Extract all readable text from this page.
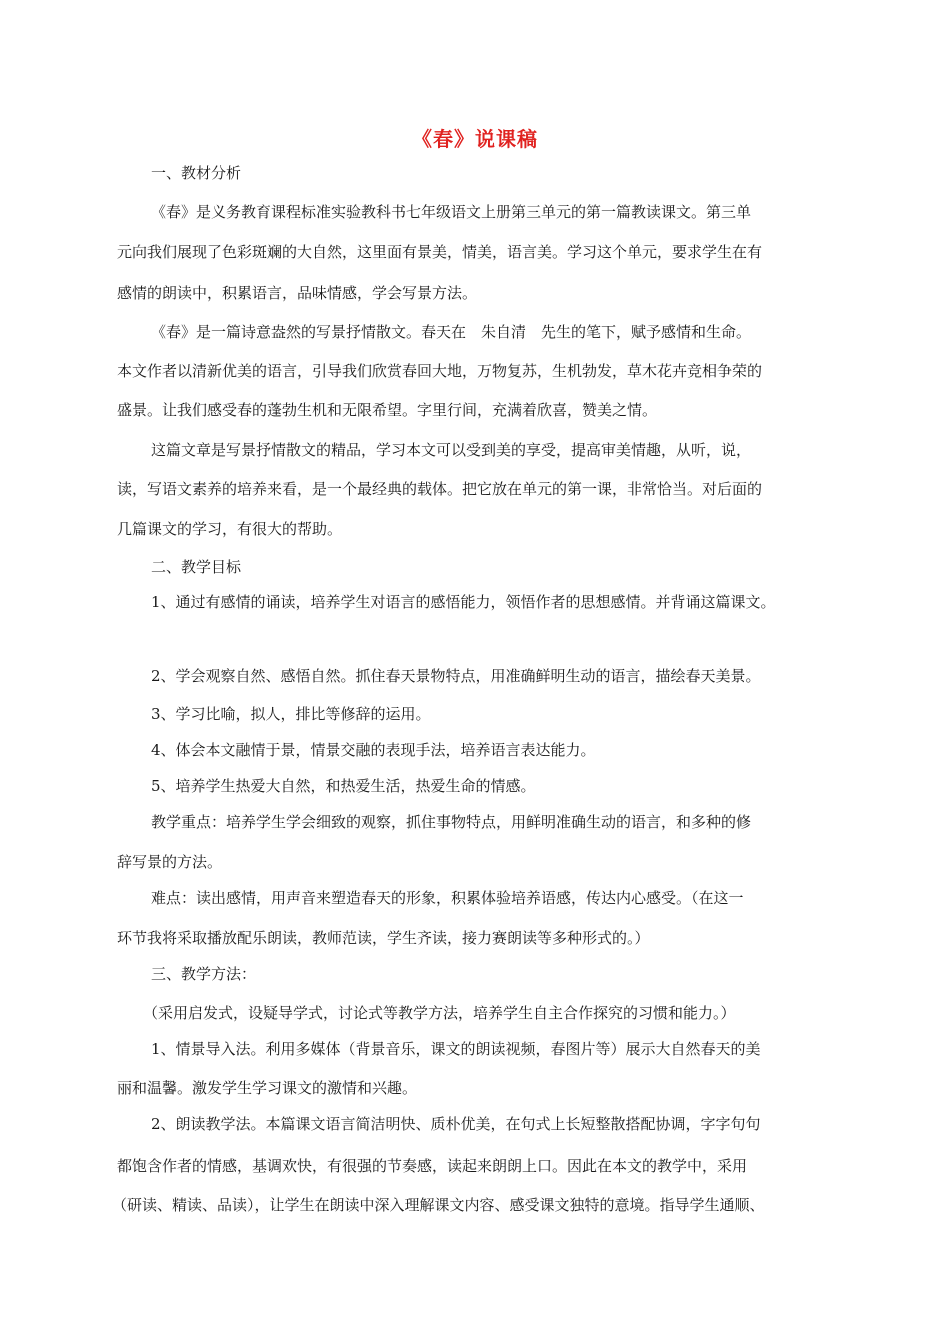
《春》说课稿
一、教材分析
《春》是义务教育课程标准实验教科书七年级语文上册第三单元的第一篇教读课文。第三单
元向我们展现了色彩斑斓的大自然，这里面有景美，情美，语言美。学习这个单元，要求学生在有
感情的朗读中，积累语言，品味情感，学会写景方法。
《春》是一篇诗意盎然的写景抒情散文。春天在　朱自清　先生的笔下，赋予感情和生命。
本文作者以清新优美的语言，引导我们欣赏春回大地，万物复苏，生机勃发，草木花卉竞相争荣的
盛景。让我们感受春的蓬勃生机和无限希望。字里行间，充满着欣喜，赞美之情。
这篇文章是写景抒情散文的精品，学习本文可以受到美的享受，提高审美情趣，从听，说，
读，写语文素养的培养来看，是一个最经典的载体。把它放在单元的第一课，非常恰当。对后面的
几篇课文的学习，有很大的帮助。
二、教学目标
1、通过有感情的诵读，培养学生对语言的感悟能力，领悟作者的思想感情。并背诵这篇课文。
2、学会观察自然、感悟自然。抓住春天景物特点，用准确鲜明生动的语言，描绘春天美景。
3、学习比喻，拟人，排比等修辞的运用。
4、体会本文融情于景，情景交融的表现手法，培养语言表达能力。
5、培养学生热爱大自然，和热爱生活，热爱生命的情感。
教学重点：培养学生学会细致的观察，抓住事物特点，用鲜明准确生动的语言，和多种的修
辞写景的方法。
难点：读出感情，用声音来塑造春天的形象，积累体验培养语感，传达内心感受。（在这一
环节我将采取播放配乐朗读，教师范读，学生齐读，接力赛朗读等多种形式的。）
三、教学方法：
（采用启发式，设疑导学式，讨论式等教学方法，培养学生自主合作探究的习惯和能力。）
1、情景导入法。利用多媒体（背景音乐，课文的朗读视频，春图片等）展示大自然春天的美
丽和温馨。激发学生学习课文的激情和兴趣。
2、朗读教学法。本篇课文语言简洁明快、质朴优美，在句式上长短整散搭配协调，字字句句
都饱含作者的情感，基调欢快，有很强的节奏感，读起来朗朗上口。因此在本文的教学中，采用
（研读、精读、品读），让学生在朗读中深入理解课文内容、感受课文独特的意境。指导学生通顺、
